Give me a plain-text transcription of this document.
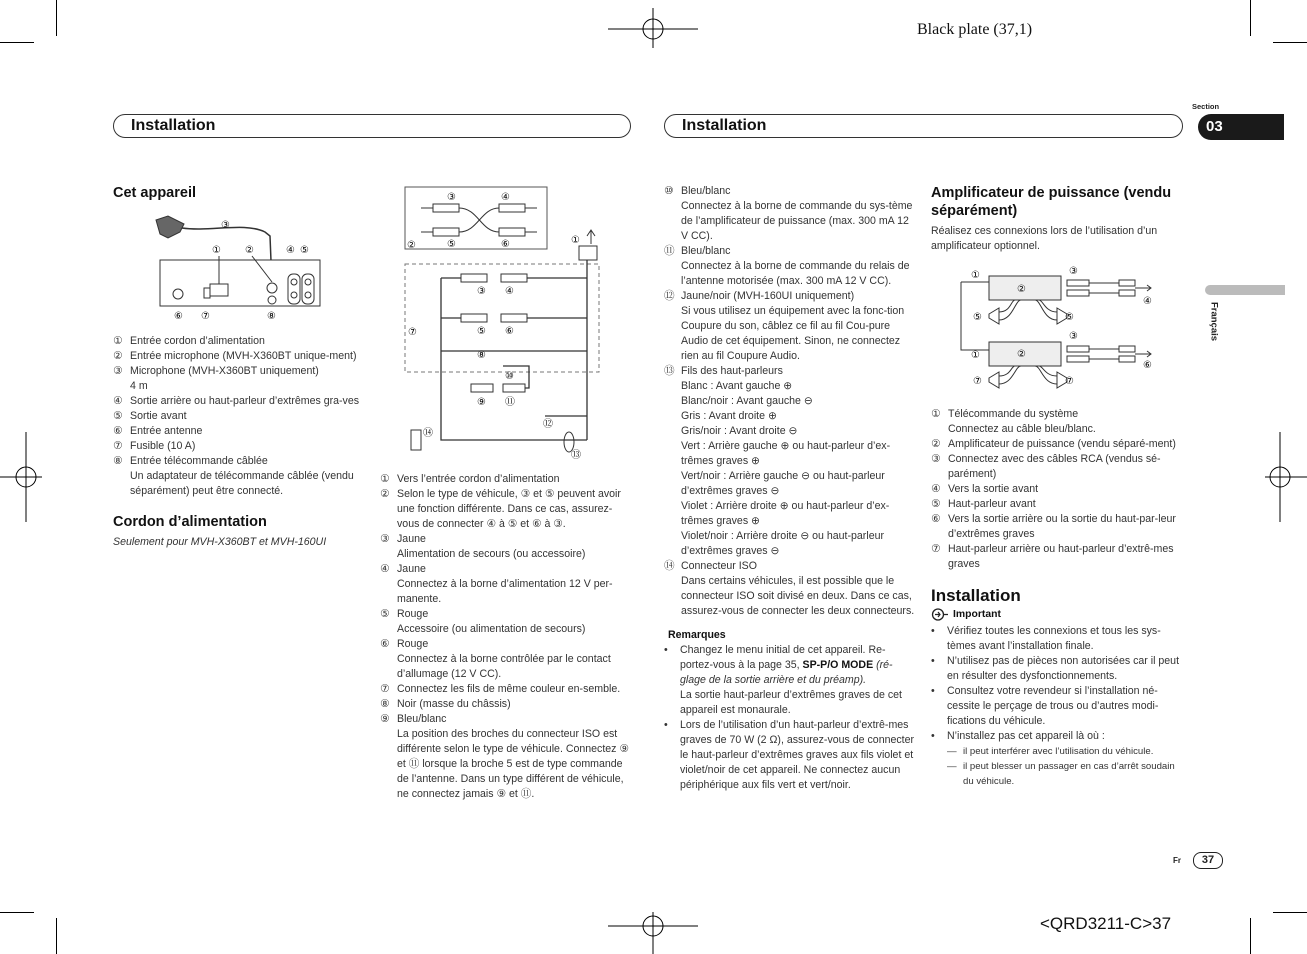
Black plate (37,1)
Section
03
Français
Installation	Installation
Cet appareil
③
① ②	④ ⑤
⑥ ⑦	⑧
① Entrée cordon d’alimentation
② Entrée microphone (MVH-X360BT unique-ment)
③ Microphone (MVH-X360BT uniquement)
4 m
④ Sortie arrière ou haut-parleur d’extrêmes gra-ves
⑤ Sortie avant
⑥ Entrée antenne
⑦ Fusible (10 A)
⑧ Entrée télécommande câblée
Un adaptateur de télécommande câblée (vendu séparément) peut être connecté.
Cordon d’alimentation
Seulement pour MVH-X360BT et MVH-160UI
③	④
②	⑤	⑥	①
③ ④
⑤ ⑥
⑦
⑧
⑩
⑨ ⑪
⑫
⑭
⑬
① Vers l’entrée cordon d’alimentation
② Selon le type de véhicule, ③ et ⑤ peuvent avoir une fonction différente. Dans ce cas, assurez-vous de connecter ④ à ⑤ et ⑥ à ③.
③ Jaune
Alimentation de secours (ou accessoire)
④ Jaune
Connectez à la borne d’alimentation 12 V per-manente.
⑤ Rouge
Accessoire (ou alimentation de secours)
⑥ Rouge
Connectez à la borne contrôlée par le contact d’allumage (12 V CC).
⑦ Connectez les fils de même couleur en-semble.
⑧ Noir (masse du châssis)
⑨ Bleu/blanc
La position des broches du connecteur ISO est différente selon le type de véhicule. Connectez ⑨ et ⑪ lorsque la broche 5 est de type commande de l’antenne. Dans un type différent de véhicule, ne connectez jamais ⑨ et ⑪.
⑩ Bleu/blanc
Connectez à la borne de commande du sys-tème de l’amplificateur de puissance (max. 300 mA 12 V CC).
⑪ Bleu/blanc
Connectez à la borne de commande du relais de l’antenne motorisée (max. 300 mA 12 V CC).
⑫ Jaune/noir (MVH-160UI uniquement)
Si vous utilisez un équipement avec la fonc-tion Coupure du son, câblez ce fil au fil Cou-pure Audio de cet équipement. Sinon, ne connectez rien au fil Coupure Audio.
⑬ Fils des haut-parleurs
Blanc : Avant gauche ⊕
Blanc/noir : Avant gauche ⊖
Gris : Avant droite ⊕
Gris/noir : Avant droite ⊖
Vert : Arrière gauche ⊕ ou haut-parleur d’ex-trêmes graves ⊕
Vert/noir : Arrière gauche ⊖ ou haut-parleur d’extrêmes graves ⊖
Violet : Arrière droite ⊕ ou haut-parleur d’ex-trêmes graves ⊕
Violet/noir : Arrière droite ⊖ ou haut-parleur d’extrêmes graves ⊖
⑭ Connecteur ISO
Dans certains véhicules, il est possible que le connecteur ISO soit divisé en deux. Dans ce cas, assurez-vous de connecter les deux connecteurs.
Remarques
• Changez le menu initial de cet appareil. Re-portez-vous à la page 35, SP-P/O MODE (ré-glage de la sortie arrière et du préamp).
La sortie haut-parleur d’extrêmes graves de cet appareil est monaurale.
• Lors de l’utilisation d’un haut-parleur d’extrê-mes graves de 70 W (2 Ω), assurez-vous de connecter le haut-parleur d’extrêmes graves aux fils violet et violet/noir de cet appareil. Ne connectez aucun périphérique aux fils vert et vert/noir.
Amplificateur de puissance (vendu séparément)
Réalisez ces connexions lors de l’utilisation d’un amplificateur optionnel.
①
②
③
④
⑤	⑤
③
①	②
⑥
⑦	⑦
① Télécommande du système
Connectez au câble bleu/blanc.
② Amplificateur de puissance (vendu séparé-ment)
③ Connectez avec des câbles RCA (vendus sé-parément)
④ Vers la sortie avant
⑤ Haut-parleur avant
⑥ Vers la sortie arrière ou la sortie du haut-par-leur d’extrêmes graves
⑦ Haut-parleur arrière ou haut-parleur d’extrê-mes graves
Installation
Important
• Vérifiez toutes les connexions et tous les sys-tèmes avant l’installation finale.
• N’utilisez pas de pièces non autorisées car il peut en résulter des dysfonctionnements.
• Consultez votre revendeur si l’installation né-cessite le perçage de trous ou d’autres modi-fications du véhicule.
• N’installez pas cet appareil là où :
— il peut interférer avec l’utilisation du véhicule.
— il peut blesser un passager en cas d’arrêt soudain du véhicule.
Fr	37
<QRD3211-C>37
